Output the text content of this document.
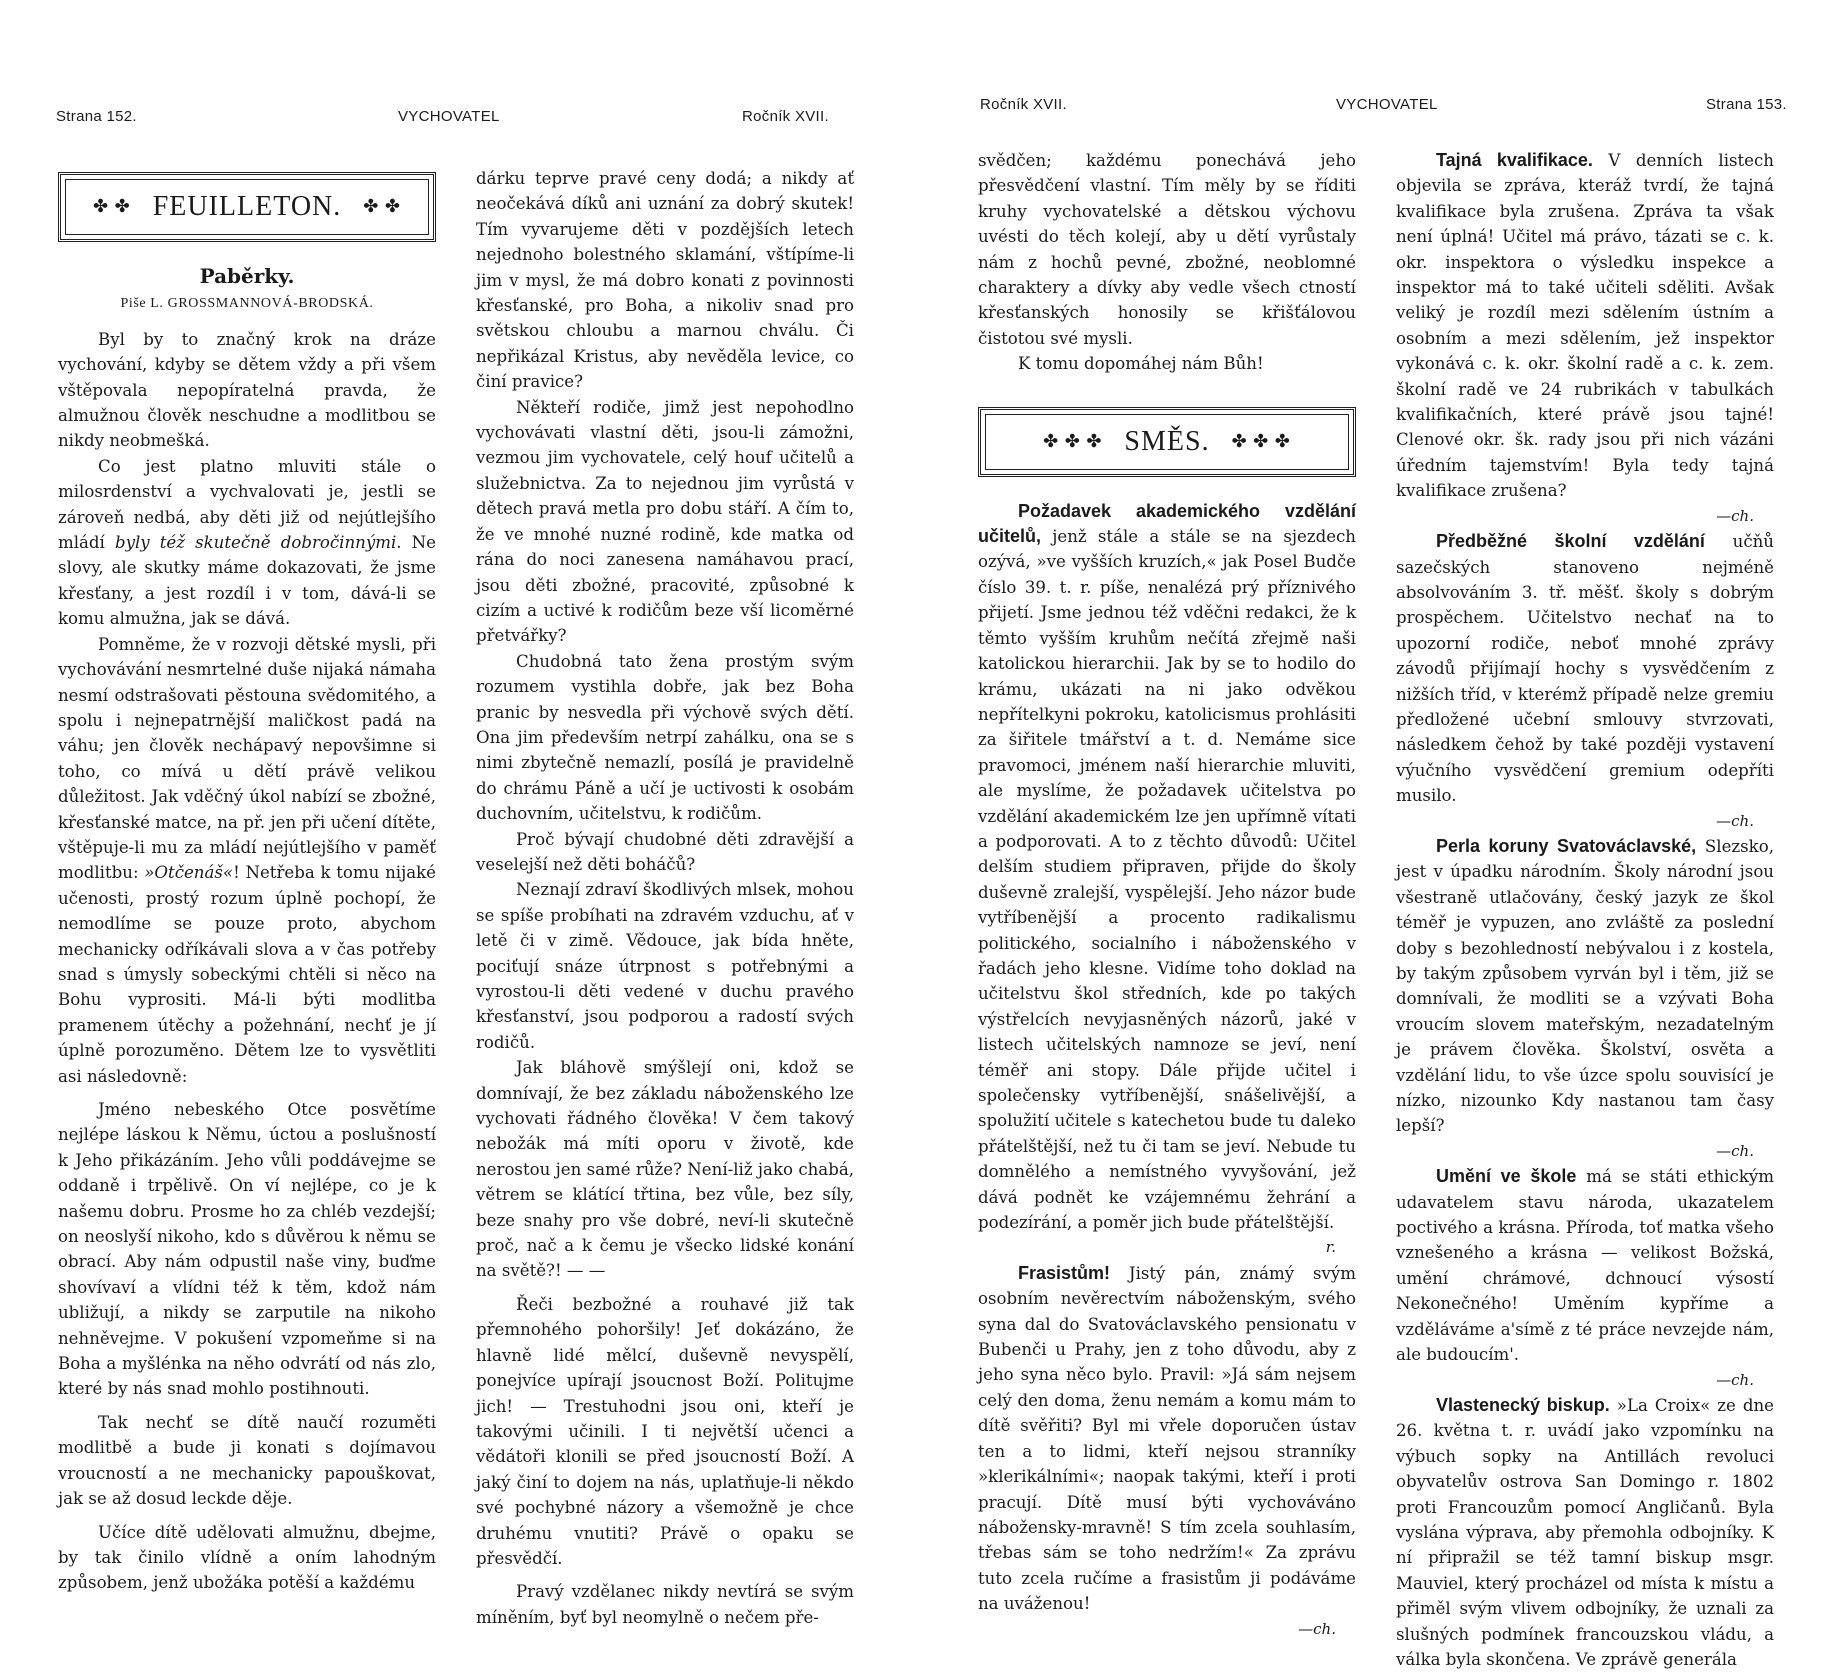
Strana 152.	VYCHOVATEL	Ročník XVII.
✤ ✤ FEUILLETON. ✤ ✤
Paběrky.
Piše L. GROSSMANNOVÁ-BRODSKÁ.

Byl by to značný krok na dráze vychování, kdyby se dětem vždy a při všem vštěpovala nepopíratelná pravda, že almužnou člověk neschudne a modlitbou se nikdy neobmešká.

Co jest platno mluviti stále o milosrdenství a vychvalovati je, jestli se zároveň nedbá, aby děti již od nejútlejšího mládí byly též skutečně dobročinnými. Ne slovy, ale skutky máme dokazovati, že jsme křesťany, a jest rozdíl i v tom, dává-li se komu almužna, jak se dává.

Pomněme, že v rozvoji dětské mysli, při vychovávání nesmrtelné duše nijaká námaha nesmí odstrašovati pěstouna svědomitého, a spolu i nejnepatrnější maličkost padá na váhu; jen člověk nechápavý nepovšimne si toho, co mívá u dětí právě velikou důležitost. Jak vděčný úkol nabízí se zbožné, křesťanské matce, na př. jen při učení dítěte, vštěpuje-li mu za mládí nejútlejšího v paměť modlitbu: »Otčenáš«! Netřeba k tomu nijaké učenosti, prostý rozum úplně pochopí, že nemodlíme se pouze proto, abychom mechanicky odříkávali slova a v čas potřeby snad s úmysly sobeckými chtěli si něco na Bohu vyprositi. Má-li býti modlitba pramenem útěchy a požehnání, nechť je jí úplně porozuměno. Dětem lze to vysvětliti asi následovně:

Jméno nebeského Otce posvětíme nejlépe láskou k Němu, úctou a poslušností k Jeho přikázáním. Jeho vůli poddávejme se oddaně i trpělivě. On ví nejlépe, co je k našemu dobru. Prosme ho za chléb vezdejší; on neoslyší nikoho, kdo s důvěrou k němu se obrací. Aby nám odpustil naše viny, buďme shovívaví a vlídni též k těm, kdož nám ubližují, a nikdy se zarputile na nikoho nehněvejme. V pokušení vzpomeňme si na Boha a myšlénka na něho odvrátí od nás zlo, které by nás snad mohlo postihnouti.

Tak nechť se dítě naučí rozuměti modlitbě a bude ji konati s dojímavou vroucností a ne mechanicky papouškovat, jak se až dosud leckde děje.

Učíce dítě udělovati almužnu, dbejme, by tak činilo vlídně a oním lahodným způsobem, jenž ubožáka potěší a každému

dárku teprve pravé ceny dodá; a nikdy ať neočekává díků ani uznání za dobrý skutek! Tím vyvarujeme děti v pozdějších letech nejednoho bolestného sklamání, vštípíme-li jim v mysl, že má dobro konati z povinnosti křesťanské, pro Boha, a nikoliv snad pro světskou chloubu a marnou chválu. Či nepřikázal Kristus, aby nevěděla levice, co činí pravice?

Někteří rodiče, jimž jest nepohodlno vychovávati vlastní děti, jsou-li zámožni, vezmou jim vychovatele, celý houf učitelů a služebnictva. Za to nejednou jim vyrůstá v dětech pravá metla pro dobu stáří. A čím to, že ve mnohé nuzné rodině, kde matka od rána do noci zanesena namáhavou prací, jsou děti zbožné, pracovité, způsobné k cizím a uctivé k rodičům beze vší licoměrné přetvářky?

Chudobná tato žena prostým svým rozumem vystihla dobře, jak bez Boha pranic by nesvedla při výchově svých dětí. Ona jim především netrpí zahálku, ona se s nimi zbytečně nemazlí, posílá je pravidelně do chrámu Páně a učí je uctivosti k osobám duchovním, učitelstvu, k rodičům.

Proč bývají chudobné děti zdravější a veselejší než děti boháčů?

Neznají zdraví škodlivých mlsek, mohou se spíše probíhati na zdravém vzduchu, ať v letě či v zimě. Vědouce, jak bída hněte, pociťují snáze útrpnost s potřebnými a vyrostou-li děti vedené v duchu pravého křesťanství, jsou podporou a radostí svých rodičů.

Jak bláhově smýšlejí oni, kdož se domnívají, že bez základu náboženského lze vychovati řádného člověka! V čem takový nebožák má míti oporu v životě, kde nerostou jen samé růže? Není-liž jako chabá, větrem se klátící třtina, bez vůle, bez síly, beze snahy pro vše dobré, neví-li skutečně proč, nač a k čemu je všecko lidské konání na světě?! — —

Řeči bezbožné a rouhavé již tak přemnohého pohoršily! Jeť dokázáno, že hlavně lidé mělcí, duševně nevyspělí, ponejvíce upírají jsoucnost Boží. Politujme jich! — Trestuhodni jsou oni, kteří je takovými učinili. I ti největší učenci a vědátoři klonili se před jsoucností Boží. A jaký činí to dojem na nás, uplatňuje-li někdo své pochybné názory a všemožně je chce druhému vnutiti? Právě o opaku se přesvědčí.

Pravý vzdělanec nikdy nevtírá se svým míněním, byť byl neomylně o nečem pře-

Ročník XVII.	VYCHOVATEL	Strana 153.

svědčen; každému ponechává jeho přesvědčení vlastní. Tím měly by se říditi kruhy vychovatelské a dětskou výchovu uvésti do těch kolejí, aby u dětí vyrůstaly nám z hochů pevné, zbožné, neoblomné charaktery a dívky aby vedle všech ctností křesťanských honosily se křišťálovou čistotou své mysli.

K tomu dopomáhej nám Bůh!

✤ ✤ ✤ SMĚS. ✤ ✤ ✤

Požadavek akademického vzdělání učitelů, jenž stále a stále se na sjezdech ozývá, »ve vyšších kruzích,« jak Posel Budče číslo 39. t. r. píše, nenalézá prý příznivého přijetí. Jsme jednou též vděčni redakci, že k těmto vyšším kruhům nečítá zřejmě naši katolickou hierarchii. Jak by se to hodilo do krámu, ukázati na ni jako odvěkou nepřítelkyni pokroku, katolicismus prohlásiti za šiřitele tmářství a t. d. Nemáme sice pravomoci, jménem naší hierarchie mluviti, ale myslíme, že požadavek učitelstva po vzdělání akademickém lze jen upřímně vítati a podporovati. A to z těchto důvodů: Učitel delším studiem připraven, přijde do školy duševně zralejší, vyspělejší. Jeho názor bude vytříbenější a procento radikalismu politického, socialního i náboženského v řadách jeho klesne. Vidíme toho doklad na učitelstvu škol středních, kde po takých výstřelcích nevyjasněných názorů, jaké v listech učitelských namnoze se jeví, není téměř ani stopy. Dále přijde učitel i společensky vytříbenější, snášelivější, a spolužití učitele s katechetou bude tu daleko přátelštější, než tu či tam se jeví. Nebude tu domnělého a nemístného vyvyšování, jež dává podnět ke vzájemnému žehrání a podezírání, a poměr jich bude přátelštější.

r.

Frasistům! Jistý pán, známý svým osobním nevěrectvím náboženským, svého syna dal do Svatováclavského pensionatu v Bubenči u Prahy, jen z toho důvodu, aby z jeho syna něco bylo. Pravil: »Já sám nejsem celý den doma, ženu nemám a komu mám to dítě svěřiti? Byl mi vřele doporučen ústav ten a to lidmi, kteří nejsou stranníky »klerikálními«; naopak takými, kteří i proti pracují. Dítě musí býti vychováváno nábožensky-mravně! S tím zcela souhlasím, třebas sám se toho nedržím!« Za zprávu tuto zcela ručíme a frasistům ji podáváme na uváženou!

—ch.

Tajná kvalifikace. V denních listech objevila se zpráva, kteráž tvrdí, že tajná kvalifikace byla zrušena. Zpráva ta však není úplná! Učitel má právo, tázati se c. k. okr. inspektora o výsledku inspekce a inspektor má to také učiteli sděliti. Avšak veliký je rozdíl mezi sdělením ústním a osobním a mezi sdělením, jež inspektor vykonává c. k. okr. školní radě a c. k. zem. školní radě ve 24 rubrikách v tabulkách kvalifikačních, které právě jsou tajné! Clenové okr. šk. rady jsou při nich vázáni úředním tajemstvím! Byla tedy tajná kvalifikace zrušena?

—ch.

Předběžné školní vzdělání učňů sazečských stanoveno nejméně absolvováním 3. tř. měšť. školy s dobrým prospěchem. Učitelstvo nechať na to upozorní rodiče, neboť mnohé zprávy závodů přijímají hochy s vysvědčením z nižších tříd, v kterémž případě nelze gremiu předložené učební smlouvy stvrzovati, následkem čehož by také později vystavení výučního vysvědčení gremium odepříti musilo.

—ch.

Perla koruny Svatováclavské, Slezsko, jest v úpadku národním. Školy národní jsou všestraně utlačovány, český jazyk ze škol téměř je vypuzen, ano zvláště za poslední doby s bezohledností nebývalou i z kostela, by takým způsobem vyrván byl i těm, již se domnívali, že modliti se a vzývati Boha vroucím slovem mateřským, nezadatelným je právem člověka. Školství, osvěta a vzdělání lidu, to vše úzce spolu souvisící je nízko, nizounko Kdy nastanou tam časy lepší?

—ch.

Umění ve škole má se státi ethickým udavatelem stavu národa, ukazatelem poctivého a krásna. Příroda, toť matka všeho vznešeného a krásna — velikost Božská, umění chrámové, dchnoucí výsostí Nekonečného! Uměním kypříme a vzděláváme a'símě z té práce nevzejde nám, ale budoucím'.

—ch.

Vlastenecký biskup. »La Croix« ze dne 26. května t. r. uvádí jako vzpomínku na výbuch sopky na Antillách revoluci obyvatelův ostrova San Domingo r. 1802 proti Francouzům pomocí Angličanů. Byla vyslána výprava, aby přemohla odbojníky. K ní připražil se též tamní biskup msgr. Mauviel, který procházel od místa k místu a přiměl svým vlivem odbojníky, že uznali za slušných podmínek francouzskou vládu, a válka byla skončena. Ve zprávě generála
